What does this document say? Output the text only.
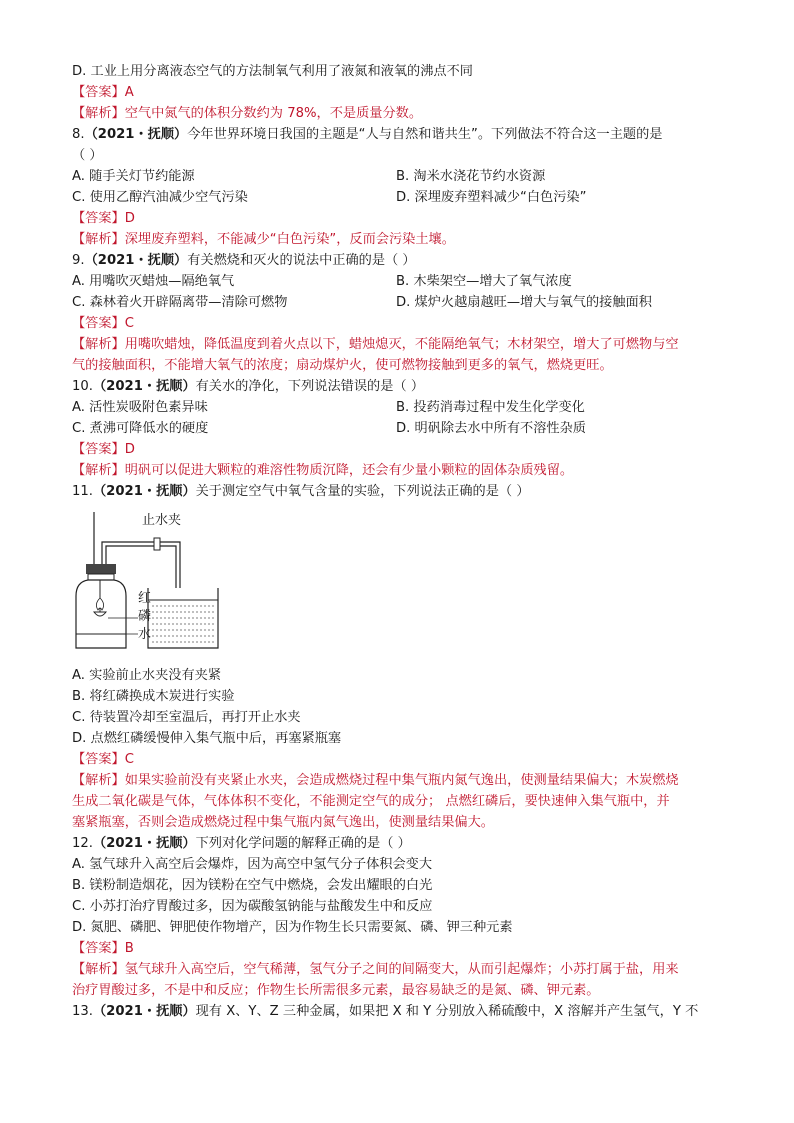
D. 工业上用分离液态空气的方法制氧气利用了液氮和液氧的沸点不同
【答案】A
【解析】空气中氮气的体积分数约为 78%，不是质量分数。
8.（2021・抚顺）今年世界环境日我国的主题是“人与自然和谐共生”。下列做法不符合这一主题的是
（ ）
A. 随手关灯节约能源	B. 淘米水浇花节约水资源
C. 使用乙醇汽油减少空气污染	D. 深埋废弃塑料减少“白色污染”
【答案】D
【解析】深埋废弃塑料，不能减少“白色污染”，反而会污染土壤。
9.（2021・抚顺）有关燃烧和灭火的说法中正确的是（ ）
A. 用嘴吹灭蜡烛—隔绝氧气	B. 木柴架空—增大了氧气浓度
C. 森林着火开辟隔离带—清除可燃物	D. 煤炉火越扇越旺—增大与氧气的接触面积
【答案】C
【解析】用嘴吹蜡烛，降低温度到着火点以下，蜡烛熄灭，不能隔绝氧气；木材架空，增大了可燃物与空
气的接触面积，不能增大氧气的浓度；扇动煤炉火，使可燃物接触到更多的氧气，燃烧更旺。
10.（2021・抚顺）有关水的净化，下列说法错误的是（ ）
A. 活性炭吸附色素异味	B. 投药消毒过程中发生化学变化
C. 煮沸可降低水的硬度	D. 明矾除去水中所有不溶性杂质
【答案】D
【解析】明矾可以促进大颗粒的难溶性物质沉降，还会有少量小颗粒的固体杂质残留。
11.（2021・抚顺）关于测定空气中氧气含量的实验，下列说法正确的是（ ）
止水夹
红
磷
水
A. 实验前止水夹没有夹紧
B. 将红磷换成木炭进行实验
C. 待装置冷却至室温后，再打开止水夹
D. 点燃红磷缓慢伸入集气瓶中后，再塞紧瓶塞
【答案】C
【解析】如果实验前没有夹紧止水夹，会造成燃烧过程中集气瓶内氮气逸出，使测量结果偏大；木炭燃烧
生成二氧化碳是气体，气体体积不变化，不能测定空气的成分； 点燃红磷后，要快速伸入集气瓶中，并
塞紧瓶塞，否则会造成燃烧过程中集气瓶内氮气逸出，使测量结果偏大。
12.（2021・抚顺）下列对化学问题的解释正确的是（ ）
A. 氢气球升入高空后会爆炸，因为高空中氢气分子体积会变大
B. 镁粉制造烟花，因为镁粉在空气中燃烧，会发出耀眼的白光
C. 小苏打治疗胃酸过多，因为碳酸氢钠能与盐酸发生中和反应
D. 氮肥、磷肥、钾肥使作物增产，因为作物生长只需要氮、磷、钾三种元素
【答案】B
【解析】氢气球升入高空后，空气稀薄，氢气分子之间的间隔变大，从而引起爆炸；小苏打属于盐，用来
治疗胃酸过多，不是中和反应；作物生长所需很多元素，最容易缺乏的是氮、磷、钾元素。
13.（2021・抚顺）现有 X、Y、Z 三种金属，如果把 X 和 Y 分别放入稀硫酸中，X 溶解并产生氢气，Y 不
